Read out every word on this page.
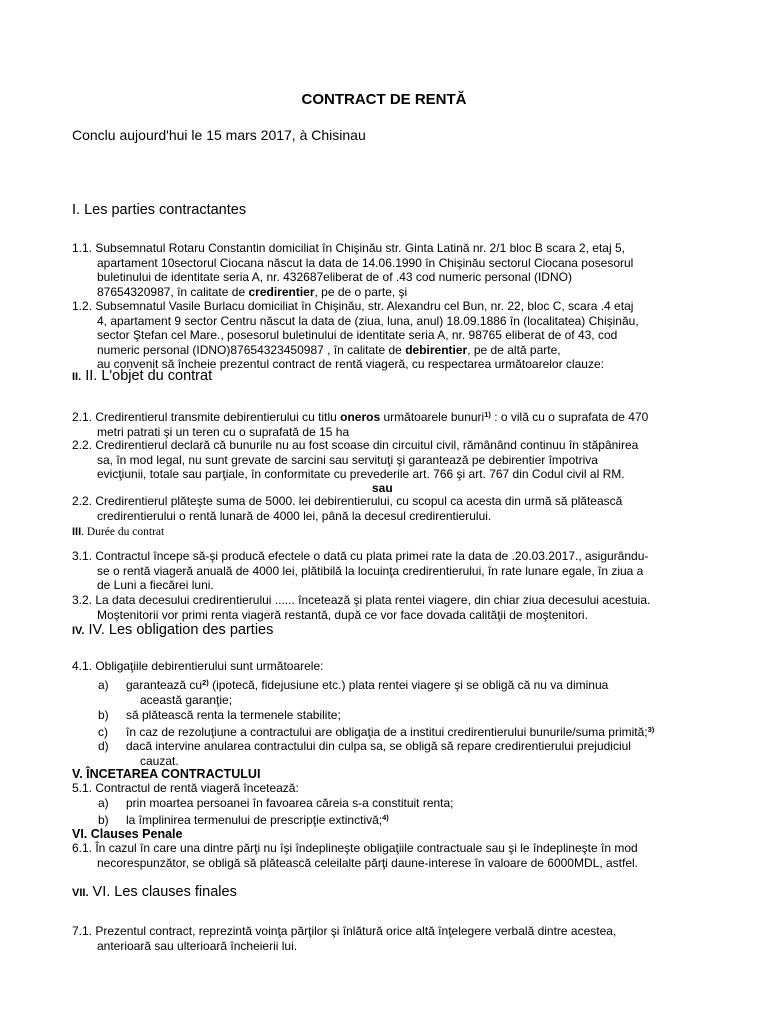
CONTRACT DE RENTĂ
Conclu aujourd'hui le 15 mars 2017, à Chisinau
I. Les parties contractantes
1.1. Subsemnatul Rotaru Constantin domiciliat în Chişinău str. Ginta Latină nr. 2/1 bloc B scara 2, etaj 5,
apartament 10sectorul Ciocana născut la data de 14.06.1990 în Chişinău sectorul Ciocana posesorul
buletinului de identitate seria A, nr. 432687eliberat de of .43 cod numeric personal (IDNO)
87654320987, în calitate de credirentier, pe de o parte, şi
1.2. Subsemnatul Vasile Burlacu domiciliat în Chişinău, str. Alexandru cel Bun, nr. 22, bloc C, scara .4 etaj
4, apartament 9 sector Centru născut la data de (ziua, luna, anul) 18.09.1886 în (localitatea) Chişinău,
sector Ştefan cel Mare., posesorul buletinului de identitate seria A, nr. 98765 eliberat de of 43, cod
numeric personal (IDNO)87654323450987 , în calitate de debirentier, pe de altă parte,
au convenit să încheie prezentul contract de rentă viageră, cu respectarea următoarelor clauze:
II. II. L'objet du contrat
2.1. Credirentierul transmite debirentierului cu titlu oneros următoarele bunuri$^{1)}$ : o vilă cu o suprafata de 470
metri patrati şi un teren cu o suprafată de 15 ha
2.2. Credirentierul declară că bunurile nu au fost scoase din circuitul civil, rămânând continuu în stăpânirea
sa, în mod legal, nu sunt grevate de sarcini sau servituţi şi garantează pe debirentier împotriva
evicţiunii, totale sau parţiale, în conformitate cu prevederile art. 766 şi art. 767 din Codul civil al RM.
sau
2.2. Credirentierul plăteşte suma de 5000. lei debirentierului, cu scopul ca acesta din urmă să plătească
credirentierului o rentă lunară de 4000 lei, până la decesul credirentierului.
III. Durée du contrat
3.1. Contractul începe să-şi producă efectele o dată cu plata primei rate la data de .20.03.2017., asigurându-
se o rentă viageră anuală de 4000 lei, plătibilă la locuinţa credirentierului, în rate lunare egale, în ziua a
de Luni a fiecărei luni.
3.2. La data decesului credirentierului ...... încetează şi plata rentei viagere, din chiar ziua decesului acestuia.
Moştenitorii vor primi renta viageră restantă, după ce vor face dovada calităţii de moştenitori.
IV. IV. Les obligation des parties
4.1. Obligaţiile debirentierului sunt următoarele:
a) garantează $cu^{2)}$ (ipotecă, fidejusiune etc.) plata rentei viagere şi se obligă că nu va diminua
această garanţie;
b) să plătească renta la termenele stabilite;
c) în caz de rezoluţiune a contractului are obligaţia de a institui credirentierului bunurile/suma primită;$^{3)}$
d) dacă intervine anularea contractului din culpa sa, se obligă să repare credirentierului prejudiciul
cauzat.
V. ÎNCETAREA CONTRACTULUI
5.1. Contractul de rentă viageră încetează:
a) prin moartea persoanei în favoarea căreia s-a constituit renta;
b) la împlinirea termenului de prescripţie extinctivă;$^{4)}$
VI. Clauses Penale
6.1. În cazul în care una dintre părţi nu îşi îndeplineşte obligaţiile contractuale sau şi le îndeplineşte în mod
necorespunzător, se obligă să plătească celeilalte părţi daune-interese în valoare de 6000MDL, astfel.
VII. VI. Les clauses finales
7.1. Prezentul contract, reprezintă voinţa părţilor şi înlătură orice altă înţelegere verbală dintre acestea,
anterioară sau ulterioară încheierii lui.
